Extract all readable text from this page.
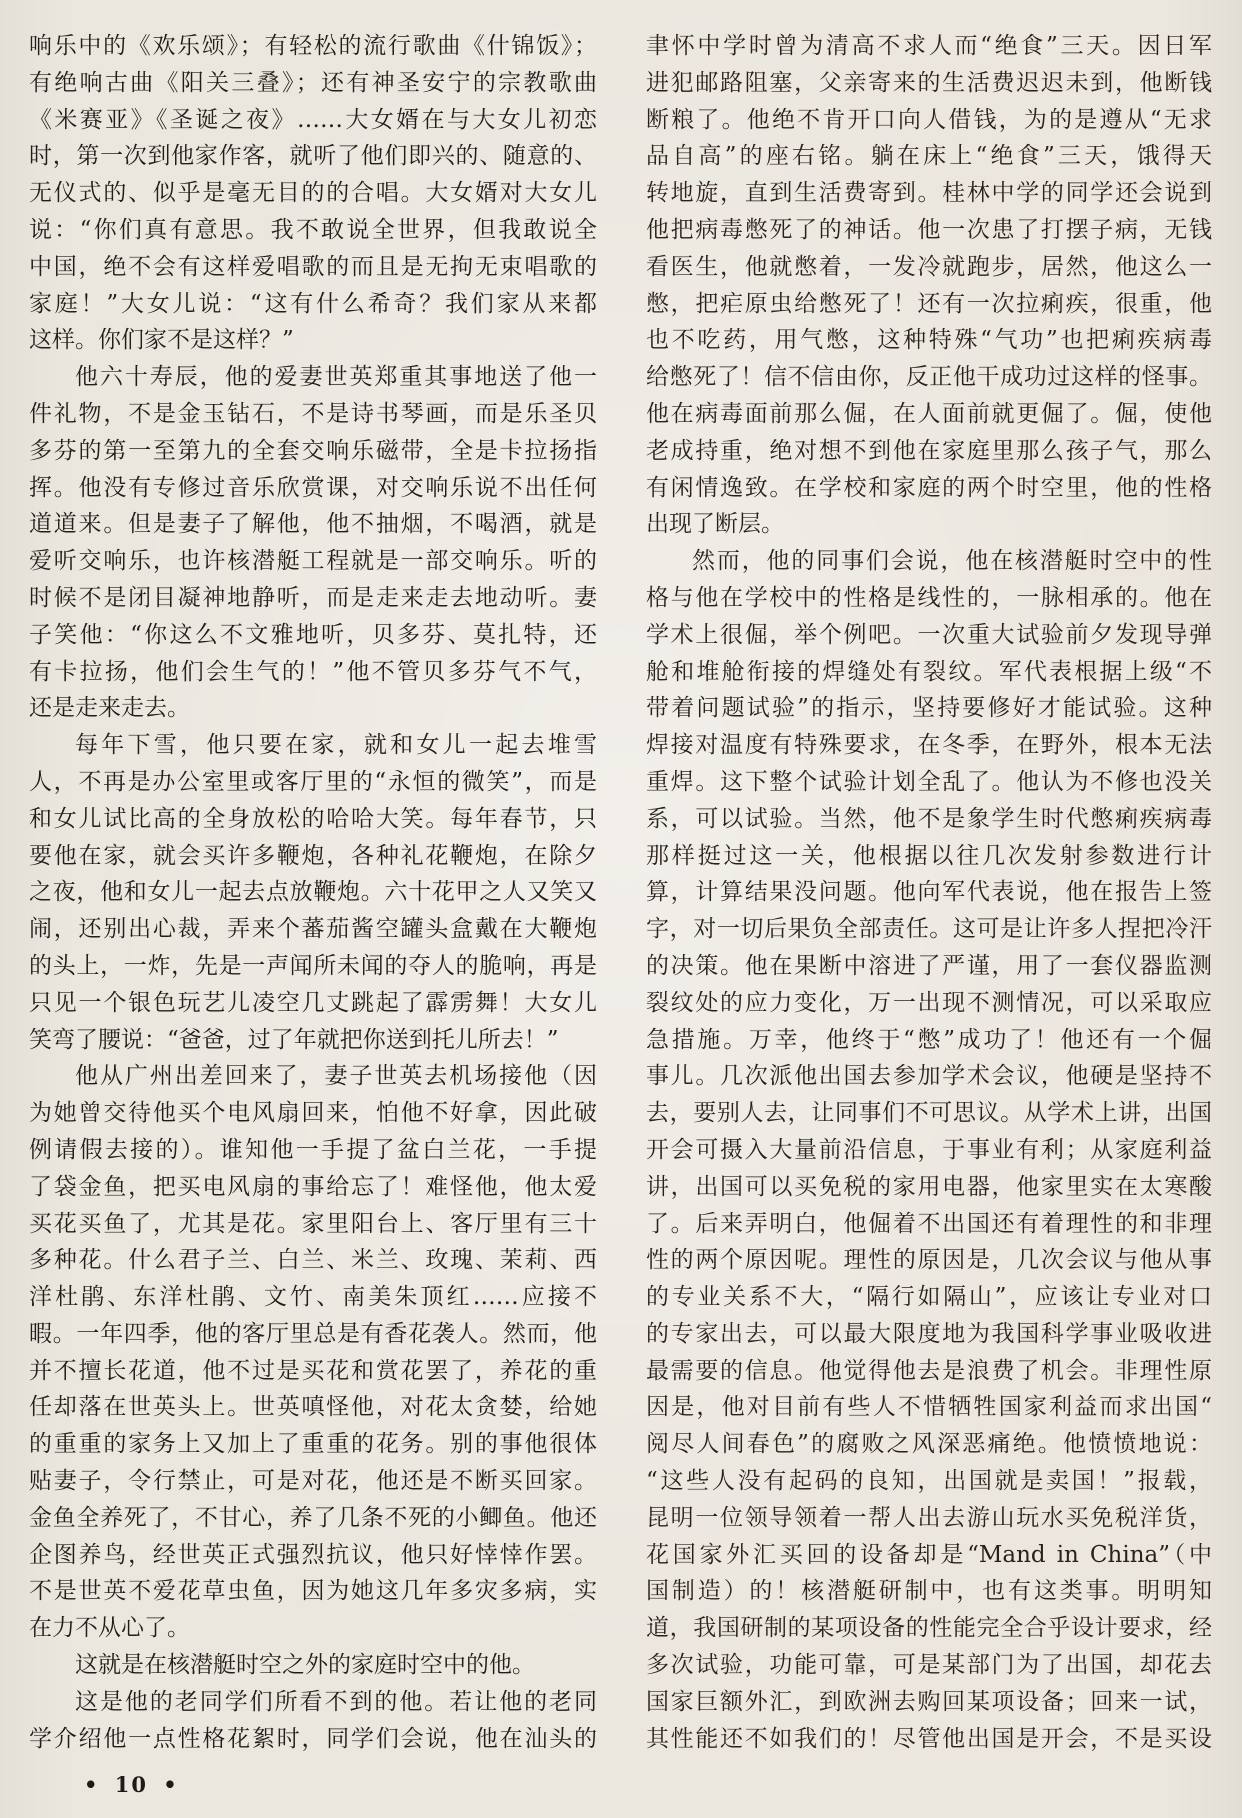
响乐中的《欢乐颂》；有轻松的流行歌曲《什锦饭》；
有绝响古曲《阳关三叠》；还有神圣安宁的宗教歌曲
《米赛亚》《圣诞之夜》……大女婿在与大女儿初恋
时，第一次到他家作客，就听了他们即兴的、随意的、
无仪式的、似乎是毫无目的的合唱。大女婿对大女儿
说：“你们真有意思。我不敢说全世界，但我敢说全
中国，绝不会有这样爱唱歌的而且是无拘无束唱歌的
家庭！”大女儿说：“这有什么希奇？我们家从来都
这样。你们家不是这样？”
他六十寿辰，他的爱妻世英郑重其事地送了他一
件礼物，不是金玉钻石，不是诗书琴画，而是乐圣贝
多芬的第一至第九的全套交响乐磁带，全是卡拉扬指
挥。他没有专修过音乐欣赏课，对交响乐说不出任何
道道来。但是妻子了解他，他不抽烟，不喝酒，就是
爱听交响乐，也许核潜艇工程就是一部交响乐。听的
时候不是闭目凝神地静听，而是走来走去地动听。妻
子笑他：“你这么不文雅地听，贝多芬、莫扎特，还
有卡拉扬，他们会生气的！”他不管贝多芬气不气，
还是走来走去。
每年下雪，他只要在家，就和女儿一起去堆雪
人，不再是办公室里或客厅里的“永恒的微笑”，而是
和女儿试比高的全身放松的哈哈大笑。每年春节，只
要他在家，就会买许多鞭炮，各种礼花鞭炮，在除夕
之夜，他和女儿一起去点放鞭炮。六十花甲之人又笑又
闹，还别出心裁，弄来个蕃茄酱空罐头盒戴在大鞭炮
的头上，一炸，先是一声闻所未闻的夺人的脆响，再是
只见一个银色玩艺儿凌空几丈跳起了霹雳舞！大女儿
笑弯了腰说：“爸爸，过了年就把你送到托儿所去！”
他从广州出差回来了，妻子世英去机场接他（因
为她曾交待他买个电风扇回来，怕他不好拿，因此破
例请假去接的）。谁知他一手提了盆白兰花，一手提
了袋金鱼，把买电风扇的事给忘了！难怪他，他太爱
买花买鱼了，尤其是花。家里阳台上、客厅里有三十
多种花。什么君子兰、白兰、米兰、玫瑰、茉莉、西
洋杜鹃、东洋杜鹃、文竹、南美朱顶红……应接不
暇。一年四季，他的客厅里总是有香花袭人。然而，他
并不擅长花道，他不过是买花和赏花罢了，养花的重
任却落在世英头上。世英嗔怪他，对花太贪婪，给她
的重重的家务上又加上了重重的花务。别的事他很体
贴妻子，令行禁止，可是对花，他还是不断买回家。
金鱼全养死了，不甘心，养了几条不死的小鲫鱼。他还
企图养鸟，经世英正式强烈抗议，他只好悻悻作罢。
不是世英不爱花草虫鱼，因为她这几年多灾多病，实
在力不从心了。
这就是在核潜艇时空之外的家庭时空中的他。
这是他的老同学们所看不到的他。若让他的老同
学介绍他一点性格花絮时，同学们会说，他在汕头的
聿怀中学时曾为清高不求人而“绝食”三天。因日军
进犯邮路阻塞，父亲寄来的生活费迟迟未到，他断钱
断粮了。他绝不肯开口向人借钱，为的是遵从“无求
品自高”的座右铭。躺在床上“绝食”三天，饿得天
转地旋，直到生活费寄到。桂林中学的同学还会说到
他把病毒憋死了的神话。他一次患了打摆子病，无钱
看医生，他就憋着，一发冷就跑步，居然，他这么一
憋，把疟原虫给憋死了！还有一次拉痢疾，很重，他
也不吃药，用气憋，这种特殊“气功”也把痢疾病毒
给憋死了！信不信由你，反正他干成功过这样的怪事。
他在病毒面前那么倔，在人面前就更倔了。倔，使他
老成持重，绝对想不到他在家庭里那么孩子气，那么
有闲情逸致。在学校和家庭的两个时空里，他的性格
出现了断层。
然而，他的同事们会说，他在核潜艇时空中的性
格与他在学校中的性格是线性的，一脉相承的。他在
学术上很倔，举个例吧。一次重大试验前夕发现导弹
舱和堆舱衔接的焊缝处有裂纹。军代表根据上级“不
带着问题试验”的指示，坚持要修好才能试验。这种
焊接对温度有特殊要求，在冬季，在野外，根本无法
重焊。这下整个试验计划全乱了。他认为不修也没关
系，可以试验。当然，他不是象学生时代憋痢疾病毒
那样挺过这一关，他根据以往几次发射参数进行计
算，计算结果没问题。他向军代表说，他在报告上签
字，对一切后果负全部责任。这可是让许多人捏把冷汗
的决策。他在果断中溶进了严谨，用了一套仪器监测
裂纹处的应力变化，万一出现不测情况，可以采取应
急措施。万幸，他终于“憋”成功了！他还有一个倔
事儿。几次派他出国去参加学术会议，他硬是坚持不
去，要别人去，让同事们不可思议。从学术上讲，出国
开会可摄入大量前沿信息，于事业有利；从家庭利益
讲，出国可以买免税的家用电器，他家里实在太寒酸
了。后来弄明白，他倔着不出国还有着理性的和非理
性的两个原因呢。理性的原因是，几次会议与他从事
的专业关系不大，“隔行如隔山”，应该让专业对口
的专家出去，可以最大限度地为我国科学事业吸收进
最需要的信息。他觉得他去是浪费了机会。非理性原
因是，他对目前有些人不惜牺牲国家利益而求出国“
阅尽人间春色”的腐败之风深恶痛绝。他愤愤地说：
“这些人没有起码的良知，出国就是卖国！”报载，
昆明一位领导领着一帮人出去游山玩水买免税洋货，
花国家外汇买回的设备却是“Mand in China”（中
国制造）的！核潜艇研制中，也有这类事。明明知
道，我国研制的某项设备的性能完全合乎设计要求，经
多次试验，功能可靠，可是某部门为了出国，却花去
国家巨额外汇，到欧洲去购回某项设备；回来一试，
其性能还不如我们的！尽管他出国是开会，不是买设
• 10 •
